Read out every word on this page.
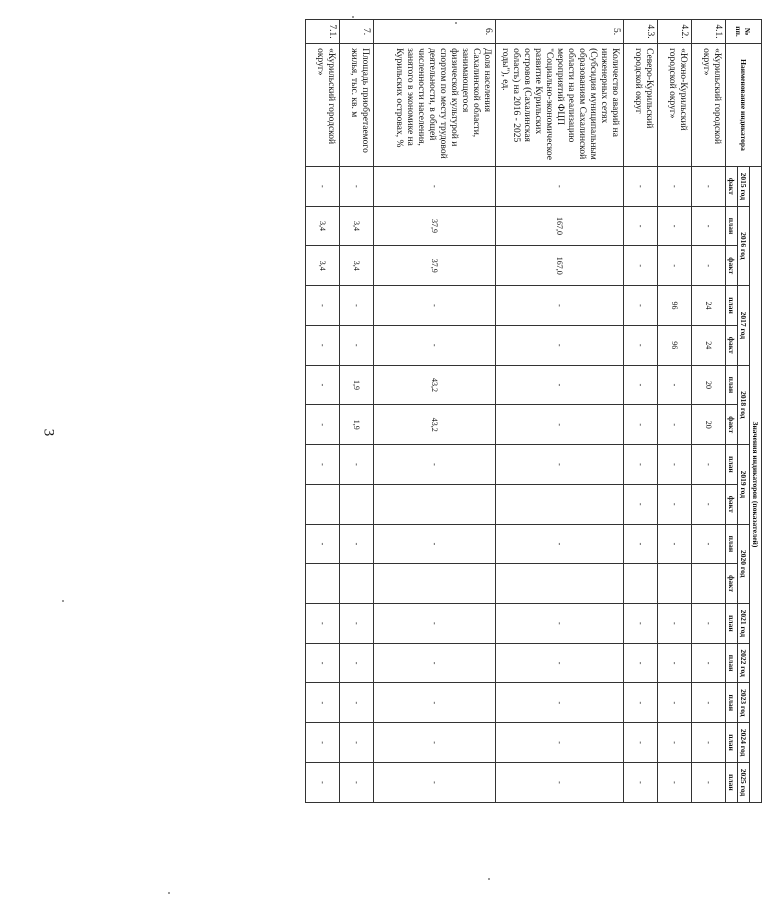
3
№ пп.	Наименование индикатора	Значения индикаторов (показателей)															
		2015 год	2016 год		2017 год		2018 год		2019 год		2020 год		2021 год	2022 год	2023 год	2024 год	2025 год
		факт	план	факт	план	факт	план	факт	план	факт	план	факт	план	план	план	план	план
4.1.	«Курильский городской округ»	-	-	-	24	24	20	20	-	-	-		-	-	-	-	-
4.2.	«Южно-Курильский городской округ»	-	-	-	96	96	-	-	-	-	-		-	-	-	-	-
4.3.	Северо-Курильский городской округ	-	-	-	-	-	-	-	-	-	-		-	-	-	-	-
5.	Количество аварий на инженерных сетях (Субсидия муниципальным образованиям Сахалинской области на реализацию мероприятий ФЦП "Социально-экономическое развитие Курильских островов (Сахалинская область) на 2016 - 2025 годы"), ед.	-	167,0	167,0	-	-	-	-	-		-		-	-	-	-	-
6.	Доля населения Сахалинской области, занимающегося физической культурой и спортом по месту трудовой деятельности, в общей численности населения, занятого в экономике на Курильских островах, %	-	37,9	37,9	-	-	43,2	43,2	-		-		-	-	-	-	-
7.	Площадь приобретаемого жилья, тыс. кв. м	-	3,4	3,4	-	-	1,9	1,9	-		-		-	-	-	-	-
7.1.	«Курильский городской округ»	-	3,4	3,4	-	-	-	-	-		-		-	-	-	-	-
